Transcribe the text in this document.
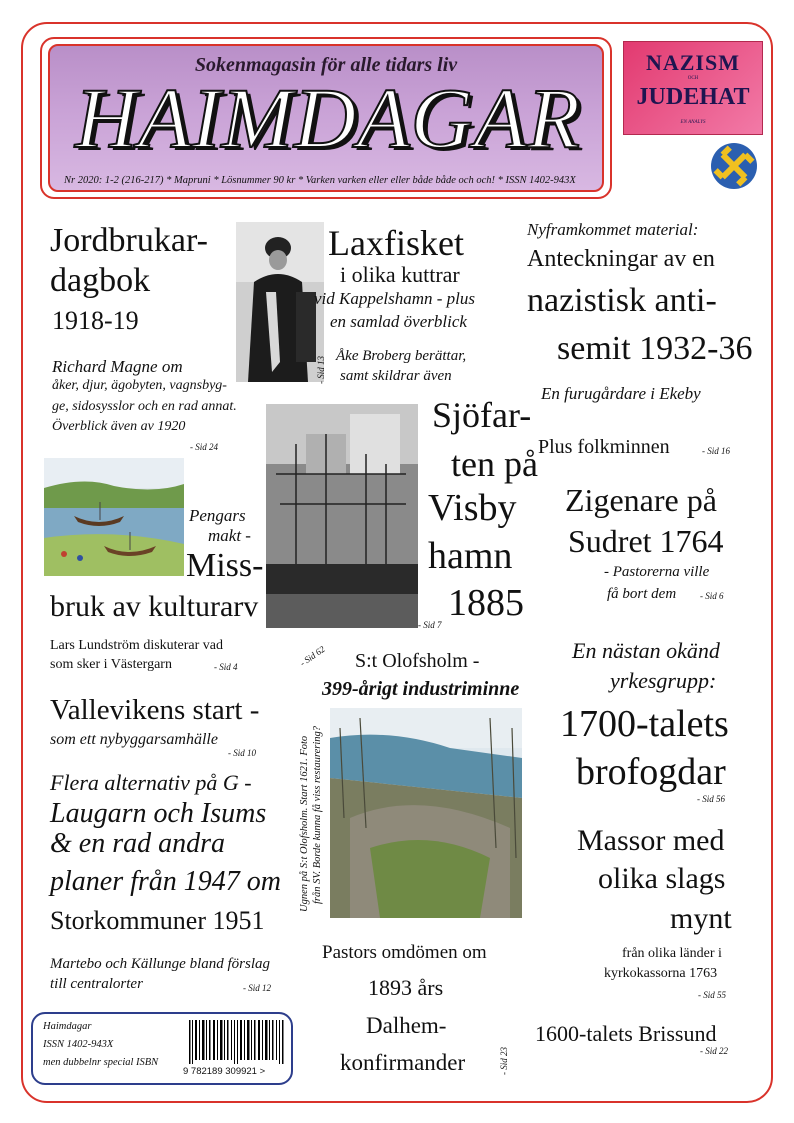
Sokenmagasin för alle tidars liv
HAIMDAGAR
Nr 2020: 1-2 (216-217) * Mapruni * Lösnummer 90 kr * Varken varken eller eller både både och och! * ISSN 1402-943X
NAZISM
OCH
JUDEHAT
EN ANALYS
Jordbrukar-
dagbok
1918-19
Richard Magne om
åker, djur, ägobyten, vagnsbyg-
ge, sidosysslor och en rad annat.
Överblick även av 1920
- Sid 24
Laxfisket
i olika kuttrar
vid Kappelshamn - plus
en samlad överblick
Åke Broberg berättar,
samt skildrar även
- Sid 13
Nyframkommet material:
Anteckningar av en
nazistisk anti-
semit 1932-36
En furugårdare i Ekeby
Plus folkminnen	- Sid 16
Sjöfar-
ten på
Visby
hamn
1885
- Sid 7
Zigenare på
Sudret 1764
- Pastorerna ville
få bort dem	- Sid 6
Pengars
makt -
Miss-
bruk av kulturarv
Lars Lundström diskuterar vad
som sker i Västergarn	- Sid 4	- Sid 62 S:t Olofsholm -
399-årigt industriminne
Ugnen på S:t Olofsholm. Start 1621. Foto från SV. Borde kunna få viss restaurering?
En nästan okänd
yrkesgrupp:
1700-talets
brofogdar
- Sid 56
Vallevikens start -
som ett nybyggarsamhälle
- Sid 10
Flera alternativ på G -
Laugarn och Isums
& en rad andra
planer från 1947 om
Storkommuner 1951
Martebo och Källunge bland förslag
till centralorter	- Sid 12
Massor med
olika slags
mynt
från olika länder i
kyrkokassorna 1763
- Sid 55
Pastors omdömen om
1893 års
Dalhem-
konfirmander	- Sid 23
1600-talets Brissund
- Sid 22
Haimdagar
ISSN 1402-943X
men dubbelnr special ISBN
9 782189 309921 >
